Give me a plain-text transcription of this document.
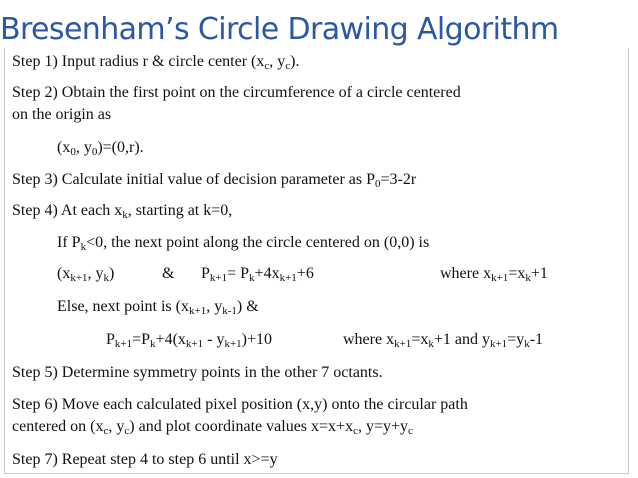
Bresenham’s Circle Drawing Algorithm
Step 1) Input radius r & circle center ($x_c$, $y_c$).
Step 2) Obtain the first point on the circumference of a circle centered
on the origin as
($x_0$, $y_0)=(0,r)$.
Step 3) Calculate initial value of decision parameter as $P_0=3-2r$
Step 4) At each $x_k$, starting at k=0,
If $P_k<0$, the next point along the circle centered on (0,0) is
($x_{k+1}$, $y_k$)	& $P_{k+1}= P_k+4x_{k+1}+6$	where $x_{k+1}=x_k+1$
Else, next point is ($x_{k+1}$, $y_{k-1}$) &
$P_{k+1}=P_k+4(x_{k+1} - y_{k+1})+10$	where $x_{k+1}=x_k+1$ and $y_{k+1}=y_k-1$
Step 5) Determine symmetry points in the other 7 octants.
Step 6) Move each calculated pixel position (x,y) onto the circular path
centered on ($x_c$, $y_c$) and plot coordinate values $x=x+x_c$, $y=y+y_c$
Step 7) Repeat step 4 to step 6 until x>=y
